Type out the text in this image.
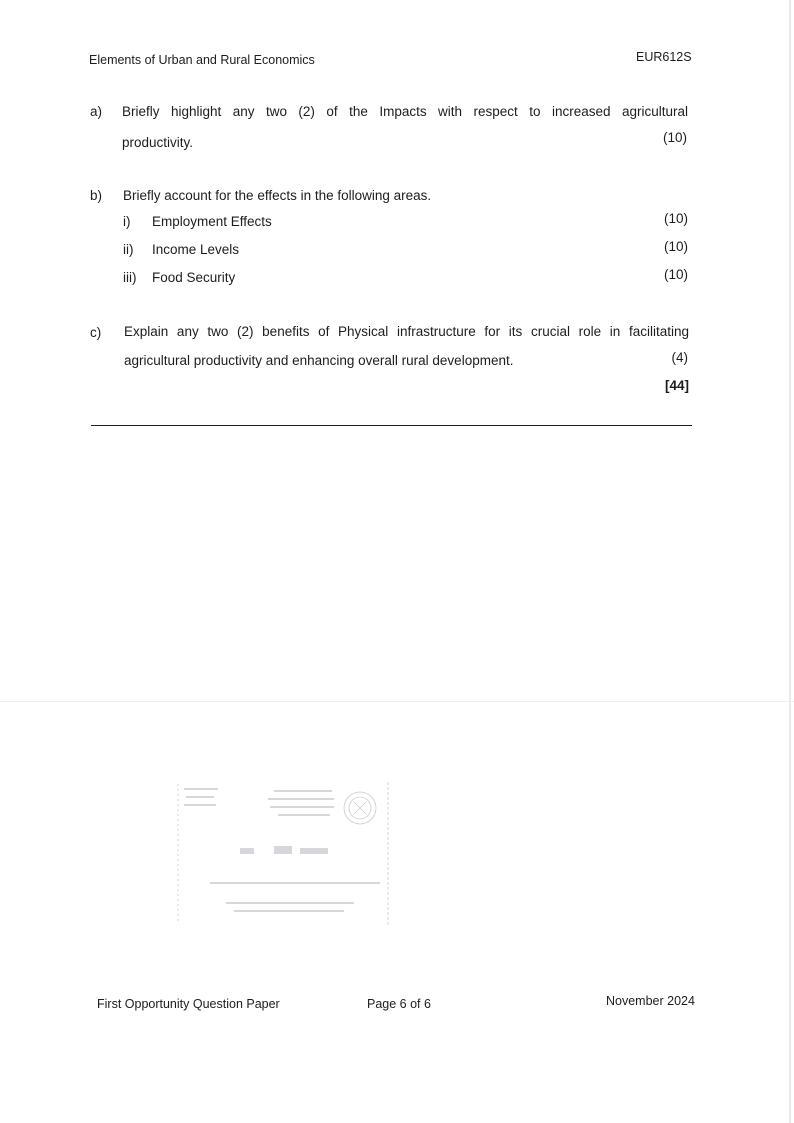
Elements of Urban and Rural Economics	EUR612S
a) Briefly highlight any two (2) of the Impacts with respect to increased agricultural
productivity.	(10)
b) Briefly account for the effects in the following areas.
i) Employment Effects	(10)
ii) Income Levels	(10)
iii) Food Security	(10)
c) Explain any two (2) benefits of Physical infrastructure for its crucial role in facilitating
agricultural productivity and enhancing overall rural development.	(4)
[44]
First Opportunity Question Paper	Page 6 of 6	November 2024
